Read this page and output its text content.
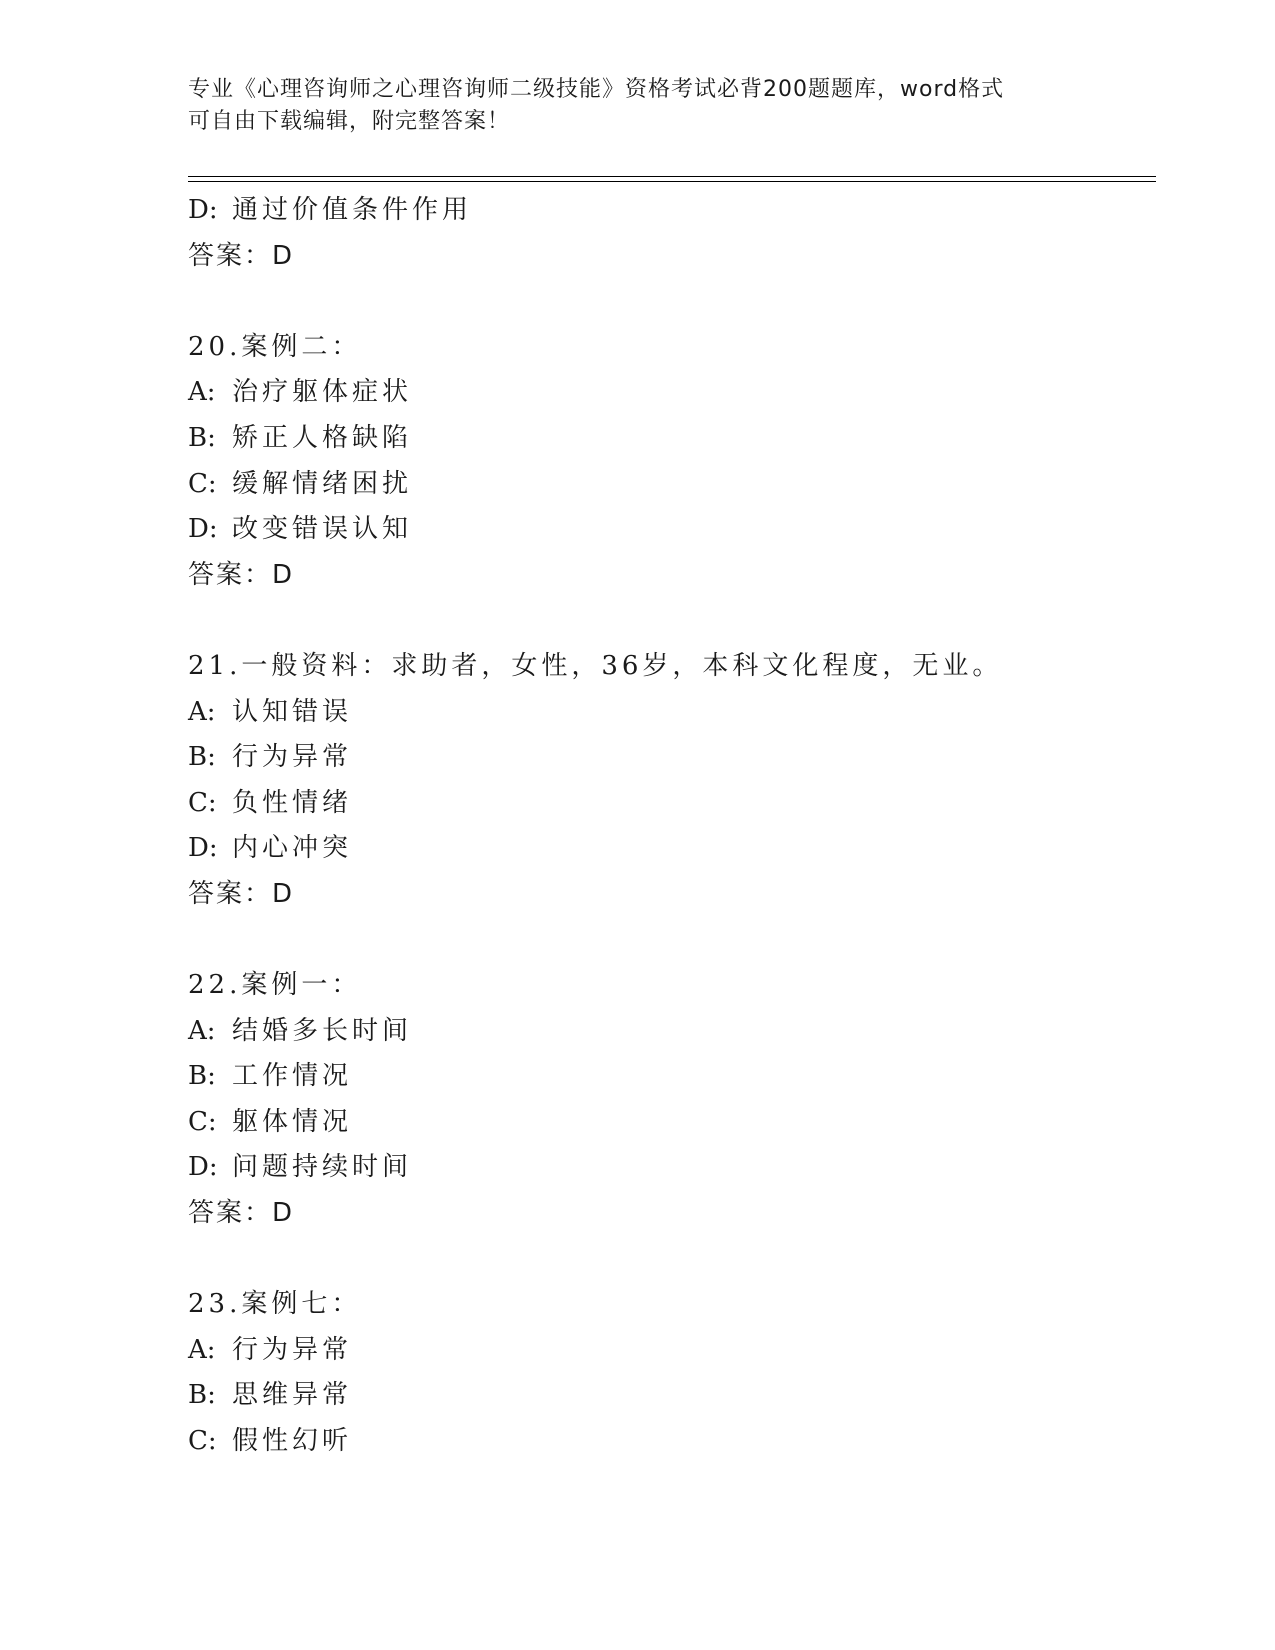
专业《心理咨询师之心理咨询师二级技能》资格考试必背200题题库，word格式
可自由下载编辑，附完整答案！
D: 通过价值条件作用
答案：D
20.案例二：
A: 治疗躯体症状
B: 矫正人格缺陷
C: 缓解情绪困扰
D: 改变错误认知
答案：D
21.一般资料：求助者，女性，36岁，本科文化程度，无业。
A: 认知错误
B: 行为异常
C: 负性情绪
D: 内心冲突
答案：D
22.案例一：
A: 结婚多长时间
B: 工作情况
C: 躯体情况
D: 问题持续时间
答案：D
23.案例七：
A: 行为异常
B: 思维异常
C: 假性幻听
